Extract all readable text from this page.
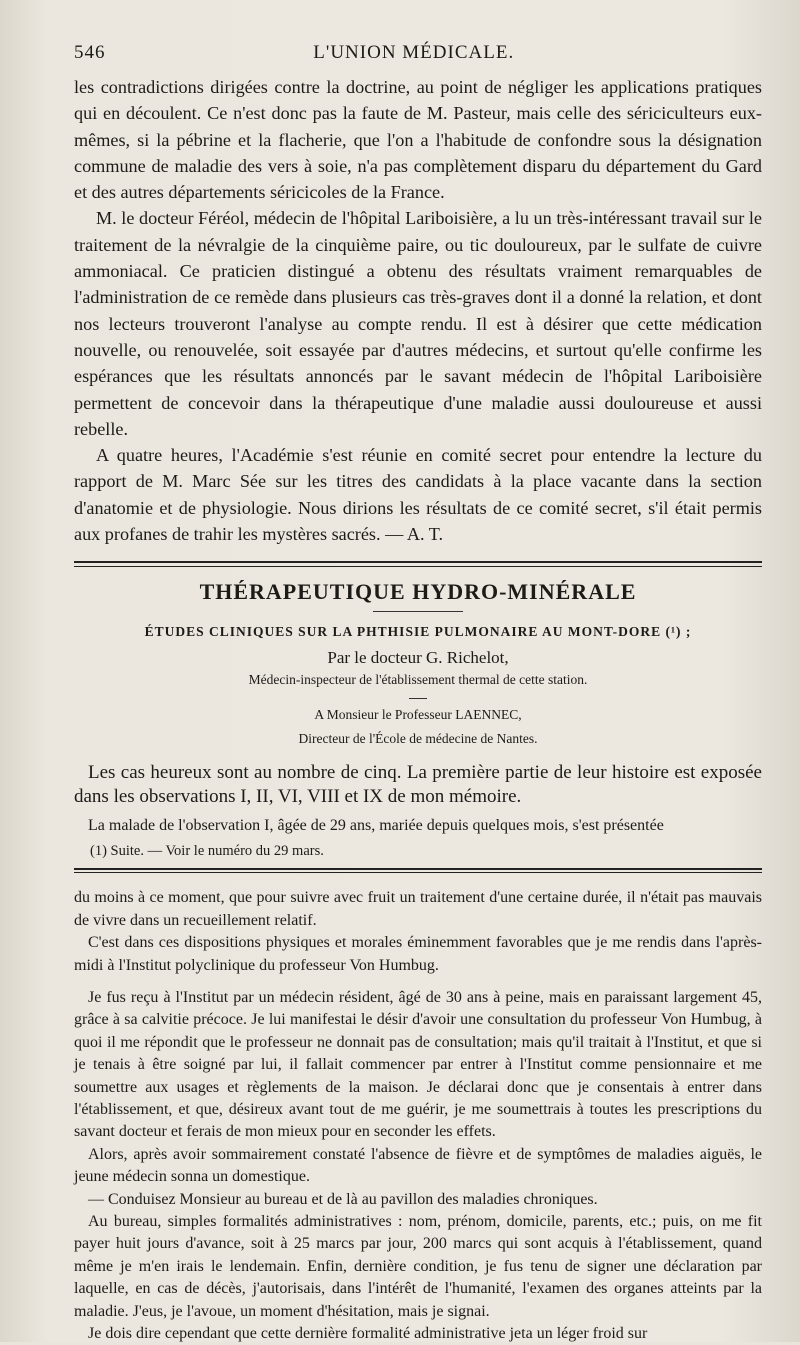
546	L'UNION MÉDICALE.

les contradictions dirigées contre la doctrine, au point de négliger les applications pratiques qui en découlent. Ce n'est donc pas la faute de M. Pasteur, mais celle des sériciculteurs eux-mêmes, si la pébrine et la flacherie, que l'on a l'habitude de confondre sous la désignation commune de maladie des vers à soie, n'a pas complètement disparu du département du Gard et des autres départements séricicoles de la France.

M. le docteur Féréol, médecin de l'hôpital Lariboisière, a lu un très-intéressant travail sur le traitement de la névralgie de la cinquième paire, ou tic douloureux, par le sulfate de cuivre ammoniacal. Ce praticien distingué a obtenu des résultats vraiment remarquables de l'administration de ce remède dans plusieurs cas très-graves dont il a donné la relation, et dont nos lecteurs trouveront l'analyse au compte rendu. Il est à désirer que cette médication nouvelle, ou renouvelée, soit essayée par d'autres médecins, et surtout qu'elle confirme les espérances que les résultats annoncés par le savant médecin de l'hôpital Lariboisière permettent de concevoir dans la thérapeutique d'une maladie aussi douloureuse et aussi rebelle.

A quatre heures, l'Académie s'est réunie en comité secret pour entendre la lecture du rapport de M. Marc Sée sur les titres des candidats à la place vacante dans la section d'anatomie et de physiologie. Nous dirions les résultats de ce comité secret, s'il était permis aux profanes de trahir les mystères sacrés. — A. T.

THÉRAPEUTIQUE HYDRO-MINÉRALE
ÉTUDES CLINIQUES SUR LA PHTHISIE PULMONAIRE AU MONT-DORE (¹) ;
Par le docteur G. Richelot,
Médecin-inspecteur de l'établissement thermal de cette station.
A Monsieur le Professeur LAENNEC,
Directeur de l'École de médecine de Nantes.

Les cas heureux sont au nombre de cinq. La première partie de leur histoire est exposée dans les observations I, II, VI, VIII et IX de mon mémoire.

La malade de l'observation I, âgée de 29 ans, mariée depuis quelques mois, s'est présentée

(1) Suite. — Voir le numéro du 29 mars.

du moins à ce moment, que pour suivre avec fruit un traitement d'une certaine durée, il n'était pas mauvais de vivre dans un recueillement relatif.

C'est dans ces dispositions physiques et morales éminemment favorables que je me rendis dans l'après-midi à l'Institut polyclinique du professeur Von Humbug.

Je fus reçu à l'Institut par un médecin résident, âgé de 30 ans à peine, mais en paraissant largement 45, grâce à sa calvitie précoce. Je lui manifestai le désir d'avoir une consultation du professeur Von Humbug, à quoi il me répondit que le professeur ne donnait pas de consultation; mais qu'il traitait à l'Institut, et que si je tenais à être soigné par lui, il fallait commencer par entrer à l'Institut comme pensionnaire et me soumettre aux usages et règlements de la maison. Je déclarai donc que je consentais à entrer dans l'établissement, et que, désireux avant tout de me guérir, je me soumettrais à toutes les prescriptions du savant docteur et ferais de mon mieux pour en seconder les effets.

Alors, après avoir sommairement constaté l'absence de fièvre et de symptômes de maladies aiguës, le jeune médecin sonna un domestique.

— Conduisez Monsieur au bureau et de là au pavillon des maladies chroniques.

Au bureau, simples formalités administratives : nom, prénom, domicile, parents, etc.; puis, on me fit payer huit jours d'avance, soit à 25 marcs par jour, 200 marcs qui sont acquis à l'établissement, quand même je m'en irais le lendemain. Enfin, dernière condition, je fus tenu de signer une déclaration par laquelle, en cas de décès, j'autorisais, dans l'intérêt de l'humanité, l'examen des organes atteints par la maladie. J'eus, je l'avoue, un moment d'hésitation, mais je signai.

Je dois dire cependant que cette dernière formalité administrative jeta un léger froid sur
